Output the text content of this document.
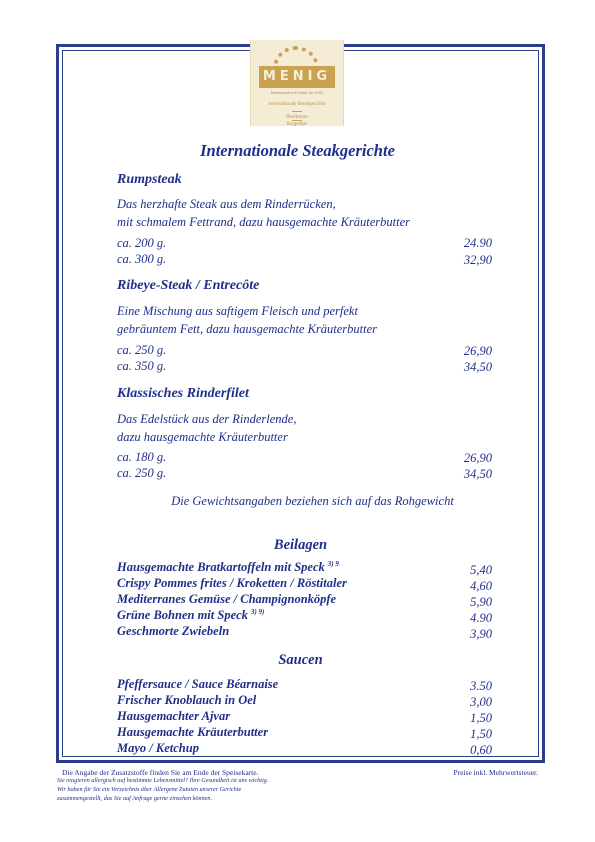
MENIG
Restaurant mit Hotel Ab 1930
Internationale Steakgerichte
Mediterran
Burgerbar
Internationale Steakgerichte
Rumpsteak
Das herzhafte Steak aus dem Rinderrücken,
mit schmalem Fettrand, dazu hausgemachte Kräuterbutter
ca. 200 g.	24.90
ca. 300 g.	32,90
Ribeye-Steak / Entrecôte
Eine Mischung aus saftigem Fleisch und perfekt
gebräuntem Fett, dazu hausgemachte Kräuterbutter
ca. 250 g.	26,90
ca. 350 g.	34,50
Klassisches Rinderfilet
Das Edelstück aus der Rinderlende,
dazu hausgemachte Kräuterbutter
ca. 180 g.	26,90
ca. 250 g.	34,50
Die Gewichtsangaben beziehen sich auf das Rohgewicht
Beilagen
Hausgemachte Bratkartoffeln mit Speck $^{3) 9}$	5,40
Crispy Pommes frites / Kroketten / Röstitaler	4,60
Mediterranes Gemüse / Champignonköpfe	5,90
Grüne Bohnen mit Speck $^{3) 9)}$	4.90
Geschmorte Zwiebeln	3,90
Saucen
Pfeffersauce / Sauce Béarnaise	3.50
Frischer Knoblauch in Oel	3,00
Hausgemachter Ajvar	1,50
Hausgemachte Kräuterbutter	1,50
Mayo / Ketchup	0,60
Die Angabe der Zusatzstoffe finden Sie am Ende der Speisekarte.	Preise inkl. Mehrwertsteuer.
Sie reagieren allergisch auf bestimmte Lebensmittel? Ihre Gesundheit ist uns wichtig.
Wir haben für Sie ein Verzeichnis über Allergene Zutaten unserer Gerichte
zusammengestellt, das Sie auf Anfrage gerne einsehen können.
